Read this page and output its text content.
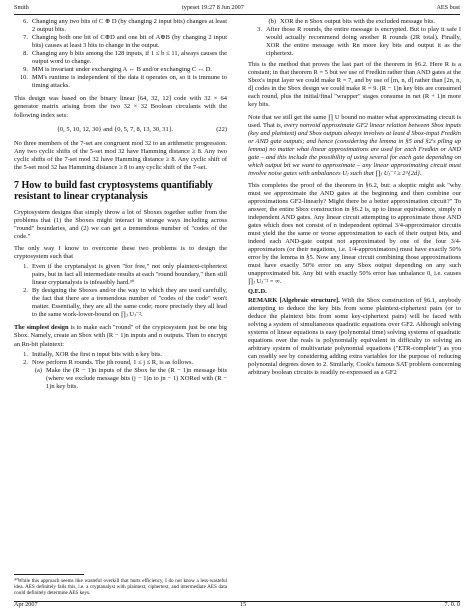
Smith	typeset 19:27 8 Jun 2007	AES bust
6. Changing any two bits of C ⊕ D (by changing 2 input bits) changes at least 2 output bits.
7. Changing both one bit of C⊕D and one bit of A⊕B (by changing 2 input bits) causes at least 3 bits to change in the output.
8. Changing any b bits among the 128 inputs, if 1 ≤ b ≤ 11, always causes the output word to change.
9. MM is invariant under exchanging A ↔ B and/or exchanging C ↔ D.
10. MM's runtime is independent of the data it operates on, so it is immune to timing attacks.

This design was based on the binary linear [64, 32, 12] code with 32 × 64 generator matrix arising from the two 32 × 32 Boolean circulants with the following index sets:

{0, 5, 10, 12, 30} and {0, 5, 7, 8, 13, 30, 31}.	(22)

No three members of the 7-set are congruent mod 32 to an arithmetic progression. Any two cyclic shifts of the 5-set mod 32 have Hamming distance ≥ 8. Any two cyclic shifts of the 7-set mod 32 have Hamming distance ≥ 8. Any cyclic shift of the 5-set mod 32 has Hamming distance ≥ 8 to any cyclic shift of the 7-set.

7 How to build fast cryptosystems quantifiably resistant to linear cryptanalysis

Cryptosystem designs that simply throw a lot of Sboxes together suffer from the problems that (1) the Sboxes might interact in strange ways including across "round" boundaries, and (2) we can get a tremendous number of "codes of the code."

The only way I know to overcome these two problems is to design the cryptosystem such that

1. Even if the cryptanalyst is given "for free," not only plaintext-ciphertext pairs, but in fact all intermediate results at each "round boundary," then still linear cryptanalysis is infeasibly hard.³⁰
2. By designing the Sboxes and/or the way in which they are used carefully, the fact that there are a tremendous number of "codes of the code" won't matter. Essentially, they are all the same code; more precisely they all lead to the same work-lower-bound on ∏ⱼ Uⱼ⁻².

The simplest design is to make each "round" of the cryptosystem just be one big Sbox. Namely, create an Sbox with (R − 1)n inputs and n outputs. Then to encrypt an Rn-bit plaintext:

1. Initially, XOR the first n input bits with n key bits.
2. Now perform R rounds. The jth round, 1 ≤ j ≤ R, is as follows.
(a) Make the (R − 1)n inputs of the Sbox be the (R − 1)n message bits (where we exclude message bits (j − 1)n to jn − 1) XORed with (R − 1)n key bits.
³⁰While this approach seems like wasteful overkill that hurts efficiency, I do not know a less-wasteful idea. AES definitely fails this, i.e. a cryptanalyst with plaintext, ciphertext, and intermediate AES data could definitely determine AES keys.
(b) XOR the n Sbox output bits with the excluded message bits.
3. After those R rounds, the entire message is encrypted. But to play it safe I would actually recommend doing another R rounds (2R total). Finally, XOR the entire message with Rn more key bits and output it as the ciphertext.

This is the method that proves the last part of the theorem in §6.2. Here R is a constant; in that theorem R = 5 but we use of Fredkin rather than AND gates at the Sbox's input layer we could make R = 7, and by use of [m, n, d] rather than [2n, n, d] codes in the Sbox design we could make R = 9. (R − 1)n key bits are consumed each round, plus the initial/final "wrapper" stages consume in net (R + 1)n more key bits.

Note that we still get the same ∏ U bound no matter what approximating circuit is used. That is, every nonvoid approximate GF2 linear relation between Sbox inputs (key and plaintext) and Sbox outputs always involves at least d Sbox-input Fredkin or AND gate outputs; and hence (considering the lemma in §5 and §2's piling up lemma) no matter what linear approximations are used for each Fredkin or AND gate – and this include the possibility of using several for each gate depending on which output bit we want to approximate – any linear approximating circuit must involve noise gates with unbalances Uⱼ such that ∏ⱼ Uⱼ⁻² ≥ 2^{2d}.

This completes the proof of the theorem in §6.2, but: a skeptic might ask "why must we approximate the AND gates at the beginning and then combine our approximations GF2-linearly? Might there be a better approximation circuit?" To answer, the entire Sbox construction in §6.2 is, up to linear equivalence, simply n independent AND gates. Any linear circuit attempting to approximate those AND gates which does not consist of n independent optimal 3/4-approximator circuits must yield the the same or worse approximation to each of their output bits, and indeed each AND-gate output not approximated by one of the four 3/4-approximators (or their negations, i.e. 1/4-approximators) must have exactly 50% error by the lemma in §5. Now any linear circuit combining those approximations must have exactly 50% error on any Sbox output depending on any such unapproximated bit. Any bit with exactly 50% error has unbalance 0, i.e. causes ∏ⱼ Uⱼ⁻² = ∞.

Q.E.D.

REMARK [Algebraic structure]. With the Sbox construction of §6.1, anybody attempting to deduce the key bits from some plaintext-ciphertext pairs (or to deduce the plaintext bits from some key-ciphertext pairs) will be faced with solving a system of simultaneous quadratic equations over GF2. Although solving systems of linear equations is easy (polynomial time) solving systems of quadratic equations over the reals is polynomially equivalent in difficulty to solving an arbitrary system of multivariate polynomial equations ("ETR-complete") as you can readily see by considering adding extra variables for the purpose of reducing polynomial degrees down to 2. Similarly, Cook's famous SAT problem concerning arbitrary boolean circuits is readily re-expressed as a GF2

Apr 2007	15	7. 0. 0
